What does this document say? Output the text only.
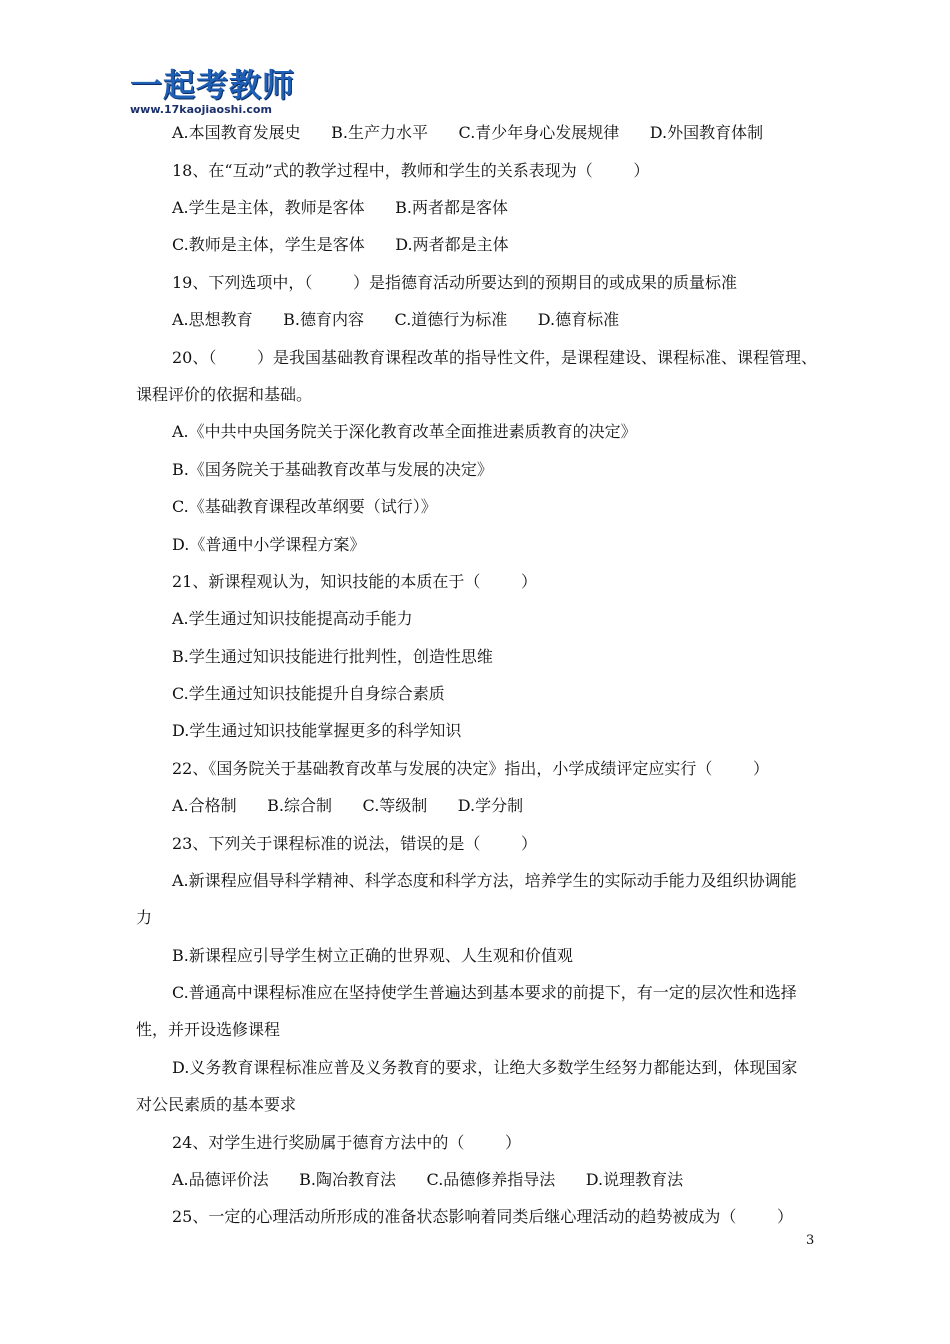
一起考教师
www.17kaojiaoshi.com
A.本国教育发展史      B.生产力水平      C.青少年身心发展规律      D.外国教育体制
18、在“互动”式的教学过程中，教师和学生的关系表现为（        ）
A.学生是主体，教师是客体      B.两者都是客体
C.教师是主体，学生是客体      D.两者都是主体
19、下列选项中，（        ）是指德育活动所要达到的预期目的或成果的质量标准
A.思想教育      B.德育内容      C.道德行为标准      D.德育标准
20、（        ）是我国基础教育课程改革的指导性文件，是课程建设、课程标准、课程管理、
课程评价的依据和基础。
A.《中共中央国务院关于深化教育改革全面推进素质教育的决定》
B.《国务院关于基础教育改革与发展的决定》
C.《基础教育课程改革纲要（试行）》
D.《普通中小学课程方案》
21、新课程观认为，知识技能的本质在于（        ）
A.学生通过知识技能提高动手能力
B.学生通过知识技能进行批判性，创造性思维
C.学生通过知识技能提升自身综合素质
D.学生通过知识技能掌握更多的科学知识
22、《国务院关于基础教育改革与发展的决定》指出，小学成绩评定应实行（        ）
A.合格制      B.综合制      C.等级制      D.学分制
23、下列关于课程标准的说法，错误的是（        ）
A.新课程应倡导科学精神、科学态度和科学方法，培养学生的实际动手能力及组织协调能
力
B.新课程应引导学生树立正确的世界观、人生观和价值观
C.普通高中课程标准应在坚持使学生普遍达到基本要求的前提下，有一定的层次性和选择
性，并开设选修课程
D.义务教育课程标准应普及义务教育的要求，让绝大多数学生经努力都能达到，体现国家
对公民素质的基本要求
24、对学生进行奖励属于德育方法中的（        ）
A.品德评价法      B.陶冶教育法      C.品德修养指导法      D.说理教育法
25、一定的心理活动所形成的准备状态影响着同类后继心理活动的趋势被成为（        ）
3
